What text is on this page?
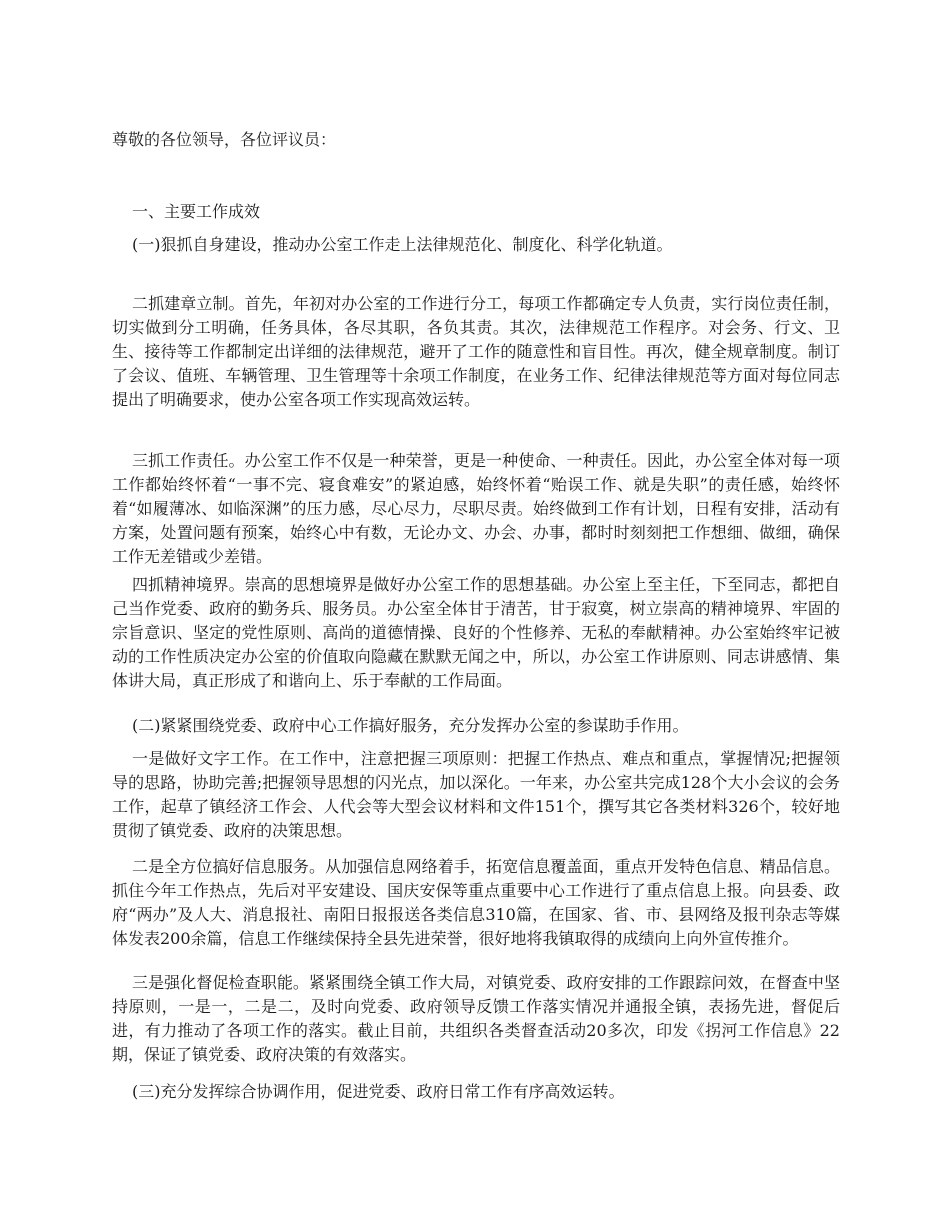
尊敬的各位领导，各位评议员：

一、主要工作成效

(一)狠抓自身建设，推动办公室工作走上法律规范化、制度化、科学化轨道。

二抓建章立制。首先，年初对办公室的工作进行分工，每项工作都确定专人负责，实行岗位责任制，切实做到分工明确，任务具体，各尽其职，各负其责。其次，法律规范工作程序。对会务、行文、卫生、接待等工作都制定出详细的法律规范，避开了工作的随意性和盲目性。再次，健全规章制度。制订了会议、值班、车辆管理、卫生管理等十余项工作制度，在业务工作、纪律法律规范等方面对每位同志提出了明确要求，使办公室各项工作实现高效运转。

三抓工作责任。办公室工作不仅是一种荣誉，更是一种使命、一种责任。因此，办公室全体对每一项工作都始终怀着“一事不完、寝食难安”的紧迫感，始终怀着“贻误工作、就是失职”的责任感，始终怀着“如履薄冰、如临深渊”的压力感，尽心尽力，尽职尽责。始终做到工作有计划，日程有安排，活动有方案，处置问题有预案，始终心中有数，无论办文、办会、办事，都时时刻刻把工作想细、做细，确保工作无差错或少差错。

四抓精神境界。崇高的思想境界是做好办公室工作的思想基础。办公室上至主任，下至同志，都把自己当作党委、政府的勤务兵、服务员。办公室全体甘于清苦，甘于寂寞，树立崇高的精神境界、牢固的宗旨意识、坚定的党性原则、高尚的道德情操、良好的个性修养、无私的奉献精神。办公室始终牢记被动的工作性质决定办公室的价值取向隐藏在默默无闻之中，所以，办公室工作讲原则、同志讲感情、集体讲大局，真正形成了和谐向上、乐于奉献的工作局面。

(二)紧紧围绕党委、政府中心工作搞好服务，充分发挥办公室的参谋助手作用。

一是做好文字工作。在工作中，注意把握三项原则：把握工作热点、难点和重点，掌握情况;把握领导的思路，协助完善;把握领导思想的闪光点，加以深化。一年来，办公室共完成128个大小会议的会务工作，起草了镇经济工作会、人代会等大型会议材料和文件151个，撰写其它各类材料326个，较好地贯彻了镇党委、政府的决策思想。

二是全方位搞好信息服务。从加强信息网络着手，拓宽信息覆盖面，重点开发特色信息、精品信息。抓住今年工作热点，先后对平安建设、国庆安保等重点重要中心工作进行了重点信息上报。向县委、政府“两办”及人大、消息报社、南阳日报报送各类信息310篇，在国家、省、市、县网络及报刊杂志等媒体发表200余篇，信息工作继续保持全县先进荣誉，很好地将我镇取得的成绩向上向外宣传推介。

三是强化督促检查职能。紧紧围绕全镇工作大局，对镇党委、政府安排的工作跟踪问效，在督查中坚持原则，一是一，二是二，及时向党委、政府领导反馈工作落实情况并通报全镇，表扬先进，督促后进，有力推动了各项工作的落实。截止目前，共组织各类督查活动20多次，印发《拐河工作信息》22期，保证了镇党委、政府决策的有效落实。

(三)充分发挥综合协调作用，促进党委、政府日常工作有序高效运转。
